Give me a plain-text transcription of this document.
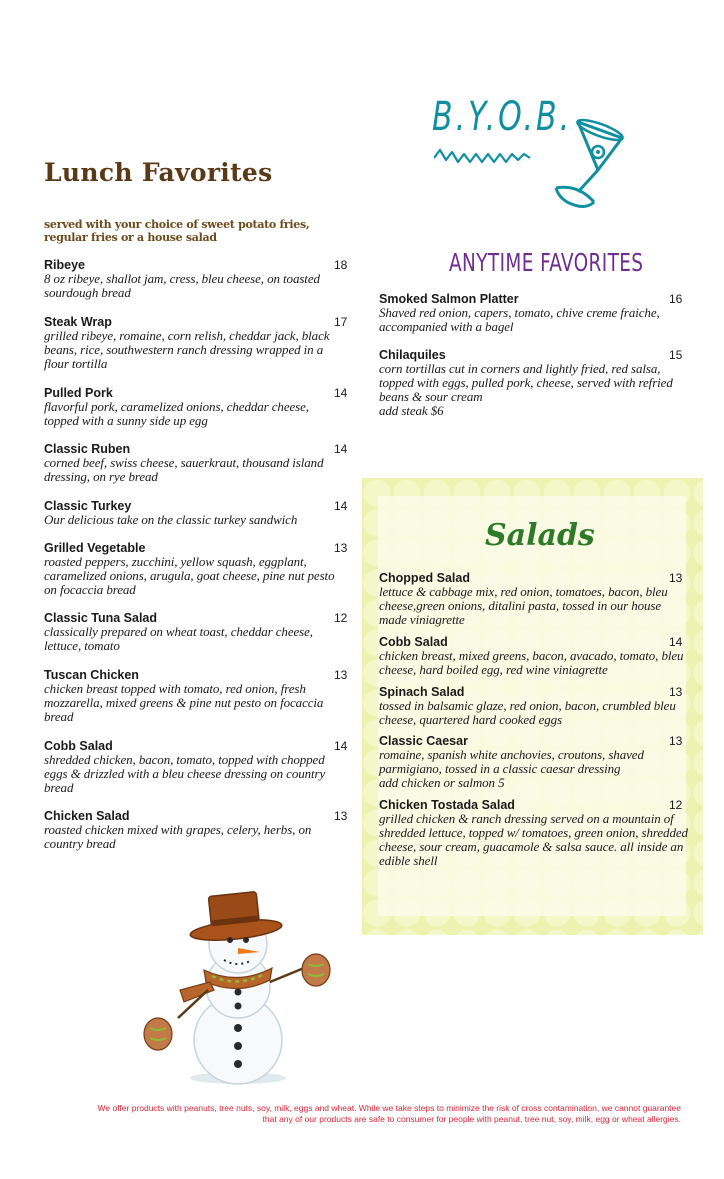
Lunch Favorites
served with your choice of sweet potato fries, regular fries or a house salad
Ribeye	18
8 oz ribeye, shallot jam, cress, bleu cheese, on toasted sourdough bread
Steak Wrap	17
grilled ribeye, romaine, corn relish, cheddar jack, black beans, rice, southwestern ranch dressing wrapped in a flour tortilla
Pulled Pork	14
flavorful pork, caramelized onions, cheddar cheese, topped with a sunny side up egg
Classic Ruben	14
corned beef, swiss cheese, sauerkraut, thousand island dressing, on rye bread
Classic Turkey	14
Our delicious take on the classic turkey sandwich
Grilled Vegetable	13
roasted peppers, zucchini, yellow squash, eggplant, caramelized onions, arugula, goat cheese, pine nut pesto on focaccia bread
Classic Tuna Salad	12
classically prepared on wheat toast, cheddar cheese, lettuce, tomato
Tuscan Chicken	13
chicken breast topped with tomato, red onion, fresh mozzarella, mixed greens & pine nut pesto on focaccia bread
Cobb Salad	14
shredded chicken, bacon, tomato, topped with chopped eggs & drizzled with a bleu cheese dressing on country bread
Chicken Salad	13
roasted chicken mixed with grapes, celery, herbs, on country bread
B.Y.O.B.
ANYTIME FAVORITES
Smoked Salmon Platter	16
Shaved red onion, capers, tomato, chive creme fraiche, accompanied with a bagel
Chilaquiles	15
corn tortillas cut in corners and lightly fried, red salsa, topped with eggs, pulled pork, cheese, served with refried beans & sour cream
add steak $6
Salads
Chopped Salad	13
lettuce & cabbage mix, red onion, tomatoes, bacon, bleu cheese,green onions, ditalini pasta, tossed in our house made viniagrette
Cobb Salad	14
chicken breast, mixed greens, bacon, avacado, tomato, bleu cheese, hard boiled egg, red wine viniagrette
Spinach Salad	13
tossed in balsamic glaze, red onion, bacon, crumbled bleu cheese, quartered hard cooked eggs
Classic Caesar	13
romaine, spanish white anchovies, croutons, shaved parmigiano, tossed in a classic caesar dressing
add chicken or salmon 5
Chicken Tostada Salad	12
grilled chicken & ranch dressing served on a mountain of shredded lettuce, topped w/ tomatoes, green onion, shredded cheese, sour cream, guacamole & salsa sauce. all inside an edible shell
We offer products with peanuts, tree nuts, soy, milk, eggs and wheat. While we take steps to minimize the risk of cross contamination, we cannot guarantee
that any of our products are safe to consumer for people with peanut, tree nut, soy, milk, egg or wheat allergies.
